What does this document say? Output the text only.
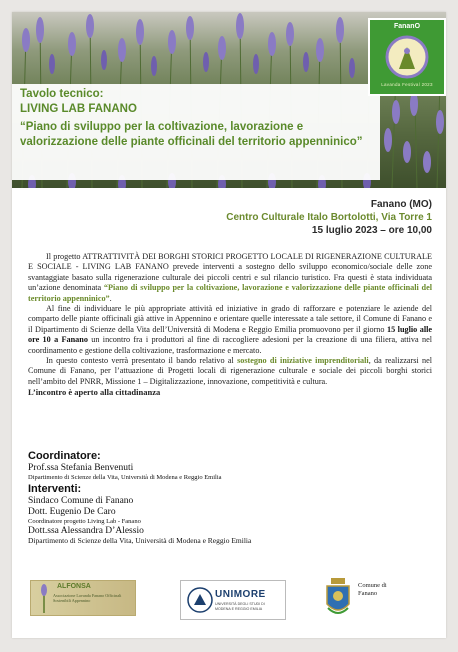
Tavolo tecnico:
LIVING LAB FANANO
“Piano di sviluppo per la coltivazione, lavorazione e valorizzazione delle piante officinali del territorio appenninico”
FananO
Lavanda Festival 2023
Fanano (MO)
Centro Culturale Italo Bortolotti, Via Torre 1
15 luglio 2023 – ore 10,00

Il progetto ATTRATTIVITÀ DEI BORGHI STORICI PROGETTO LOCALE DI RIGENERAZIONE CULTURALE E SOCIALE - LIVING LAB FANANO prevede interventi a sostegno dello sviluppo economico/sociale delle zone svantaggiate basato sulla rigenerazione culturale dei piccoli centri e sul rilancio turistico. Fra questi è stata individuata un’azione denominata “Piano di sviluppo per la coltivazione, lavorazione e valorizzazione delle piante officinali del territorio appenninico”.

Al fine di individuare le più appropriate attività ed iniziative in grado di rafforzare e potenziare le aziende del comparto delle piante officinali già attive in Appennino e orientare quelle interessate a tale settore, il Comune di Fanano e il Dipartimento di Scienze della Vita dell’Università di Modena e Reggio Emilia promuovono per il giorno 15 luglio alle ore 10 a Fanano un incontro fra i produttori al fine di raccogliere adesioni per la creazione di una filiera, attiva nel coordinamento e gestione della coltivazione, trasformazione e mercato.

In questo contesto verrà presentato il bando relativo al sostegno di iniziative imprenditoriali, da realizzarsi nel Comune di Fanano, per l’attuazione di Progetti locali di rigenerazione culturale e sociale dei piccoli borghi storici nell’ambito del PNRR, Missione 1 – Digitalizzazione, innovazione, competitività e cultura.

L’incontro è aperto alla cittadinanza

Coordinatore:
Prof.ssa Stefania Benvenuti
Dipartimento di Scienze della Vita, Università di Modena e Reggio Emilia
Interventi:
Sindaco Comune di Fanano
Dott. Eugenio De Caro
Coordinatore progetto Living Lab - Fanano
Dott.ssa Alessandra D’Alessio
Dipartimento di Scienze della Vita, Università di Modena e Reggio Emilia
ALFONSA
Associazione Lavanda Fanano Officinali Sostenibili Appennino
UNIMORE
UNIVERSITÀ DEGLI STUDI DI MODENA E REGGIO EMILIA
Comune di
Fanano
